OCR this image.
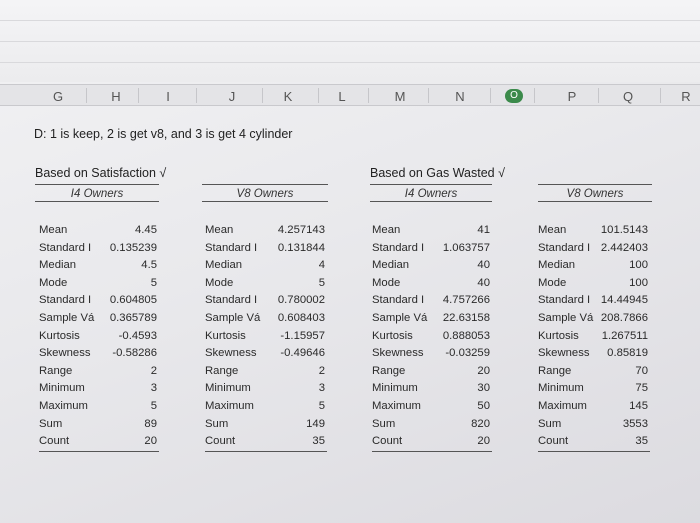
G	H	I	J	K	L	M	N	O	P	Q	R
D: 1 is keep, 2 is get v8, and 3 is get 4 cylinder
Based on Satisfaction √	Based on Gas Wasted √
I4 Owners	V8 Owners	I4 Owners	V8 Owners
Mean	4.45
Standard I 0.135239
Median	4.5
Mode	5
Standard I 0.604805
Sample Vá 0.365789
Kurtosis	-0.4593
Skewness -0.58286
Range	2
Minimum	3
Maximum	5
Sum	89
Count	20
Mean	4.257143
Standard I 0.131844
Median	4
Mode	5
Standard I 0.780002
Sample Vá 0.608403
Kurtosis	-1.15957
Skewness -0.49646
Range	2
Minimum	3
Maximum	5
Sum	149
Count	35
Mean	41
Standard I 1.063757
Median	40
Mode	40
Standard I 4.757266
Sample Vá 22.63158
Kurtosis	0.888053
Skewness -0.03259
Range	20
Minimum	30
Maximum	50
Sum	820
Count	20
Mean	101.5143
Standard I 2.442403
Median	100
Mode	100
Standard I 14.44945
Sample Vá 208.7866
Kurtosis 1.267511
Skewness 0.85819
Range	70
Minimum	75
Maximum	145
Sum	3553
Count	35
